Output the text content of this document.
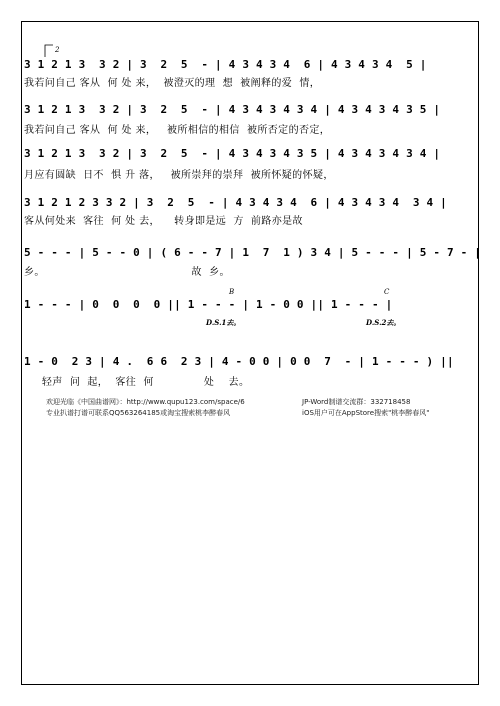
2
3 1 2 1 3  3 2 | 3  2  5  - | 4 3 4 3 4  6 | 4 3 4 3 4  5 |
我若问自己 客从  何 处 来，  被澄灭的理  想  被阐释的爱  情，
3 1 2 1 3  3 2 | 3  2  5  - | 4 3 4 3 4 3 4 | 4 3 4 3 4 3 5 |
我若问自己 客从  何 处 来，   被所相信的相信  被所否定的否定，
3 1 2 1 3  3 2 | 3  2  5  - | 4 3 4 3 4 3 5 | 4 3 4 3 4 3 4 |
月应有圆缺  日不  惧 升 落，   被所崇拜的崇拜  被所怀疑的怀疑，
3 1 2 1 2 3 3 2 | 3  2  5  - | 4 3 4 3 4  6 | 4 3 4 3 4  3 4 |
客从何处来  客往  何 处 去，    转身即是远  方  前路亦是故
5 - - - | 5 - - 0 | ( 6 - - 7 | 1  7  1 ) 3 4 | 5 - - - | 5 - 7 - |
乡。                                         故  乡。
1 - - - | 0  0  0  0 || 1 - - - | 1 - 0 0 || 1 - - - |
B	C
D.S.1去。	D.S.2去。
1 - 0  2 3 | 4 .  6 6  2 3 | 4 - 0 0 | 0 0  7  - | 1 - - - ) ||
轻声  问  起，  客往  何              处    去。
欢迎光临《中国曲谱网》：http://www.qupu123.com/space/6
专业扒谱打谱可联系QQ563264185或淘宝搜索桃李醉春风
JP-Word制谱交流群：332718458
iOS用户可在AppStore搜索"桃李醉春风"
